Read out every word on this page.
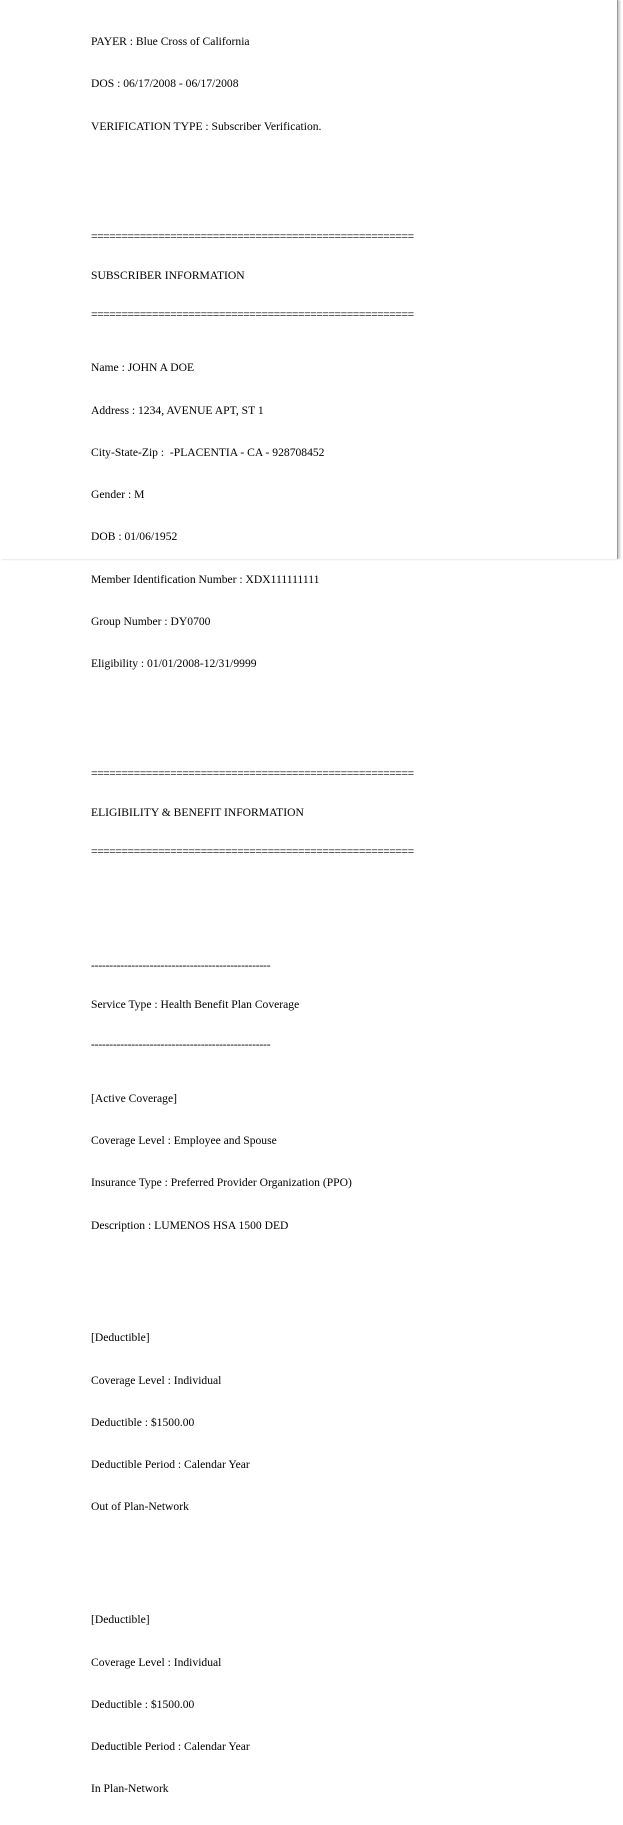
PAYER : Blue Cross of California

DOS : 06/17/2008 - 06/17/2008

VERIFICATION TYPE : Subscriber Verification.

=====================================================

SUBSCRIBER INFORMATION

=====================================================

Name : JOHN A DOE

Address : 1234, AVENUE APT, ST 1

City-State-Zip :  -PLACENTIA - CA - 928708452

Gender : M

DOB : 01/06/1952

Member Identification Number : XDX111111111

Group Number : DY0700

Eligibility : 01/01/2008-12/31/9999

=====================================================

ELIGIBILITY & BENEFIT INFORMATION

=====================================================

-------------------------------------------------

Service Type : Health Benefit Plan Coverage

-------------------------------------------------

[Active Coverage]

Coverage Level : Employee and Spouse

Insurance Type : Preferred Provider Organization (PPO)

Description : LUMENOS HSA 1500 DED

[Deductible]

Coverage Level : Individual

Deductible : $1500.00

Deductible Period : Calendar Year

Out of Plan-Network

[Deductible]

Coverage Level : Individual

Deductible : $1500.00

Deductible Period : Calendar Year

In Plan-Network
